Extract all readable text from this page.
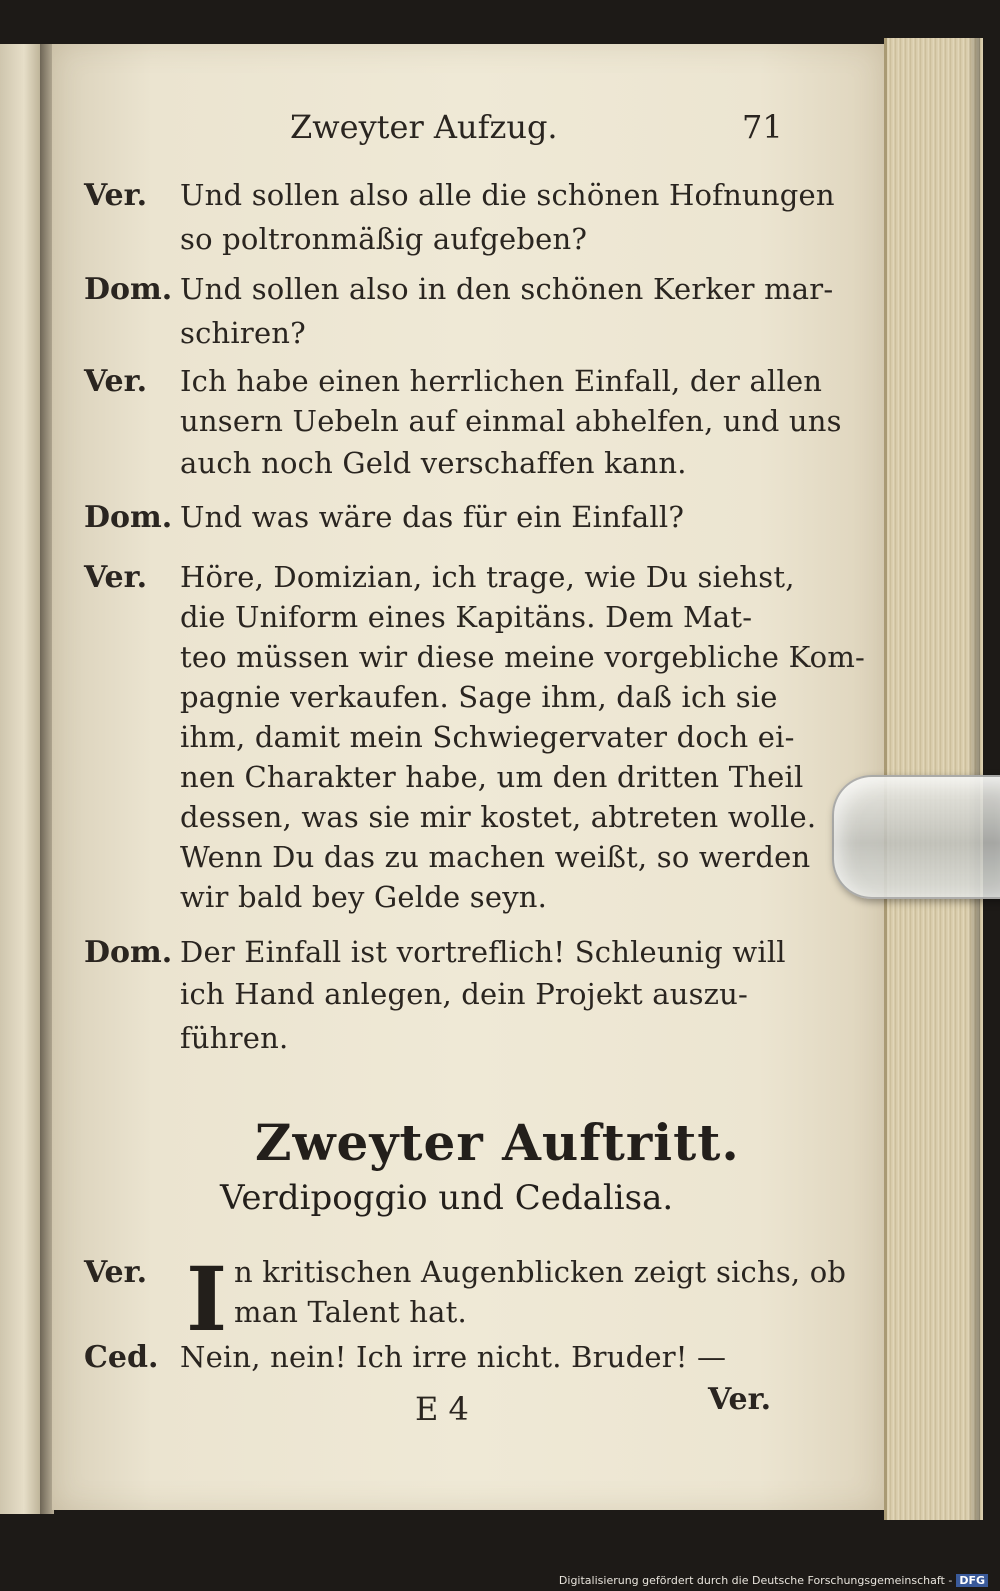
Zweyter Aufzug.	71
Ver.	Und sollen also alle die schönen Hofnungen
so poltronmäßig aufgeben?
Dom. Und sollen also in den schönen Kerker mar-
schiren?
Ver.	Ich habe einen herrlichen Einfall, der allen
unsern Uebeln auf einmal abhelfen, und uns
auch noch Geld verschaffen kann.
Dom. Und was wäre das für ein Einfall?
Ver.	Höre, Domizian, ich trage, wie Du siehst,
die Uniform eines Kapitäns. Dem Mat-
teo müssen wir diese meine vorgebliche Kom-
pagnie verkaufen. Sage ihm, daß ich sie
ihm, damit mein Schwiegervater doch ei-
nen Charakter habe, um den dritten Theil
dessen, was sie mir kostet, abtreten wolle.
Wenn Du das zu machen weißt, so werden
wir bald bey Gelde seyn.
Dom. Der Einfall ist vortreflich! Schleunig will
ich Hand anlegen, dein Projekt auszu-
führen.
Zweyter Auftritt.
Verdipoggio und Cedalisa.
Ver.	n kritischen Augenblicken zeigt sichs, ob
man Talent hat.
I
Ced. Nein, nein! Ich irre nicht. Bruder! —
E 4	Ver.
Digitalisierung gefördert durch die Deutsche Forschungsgemeinschaft - DFG
